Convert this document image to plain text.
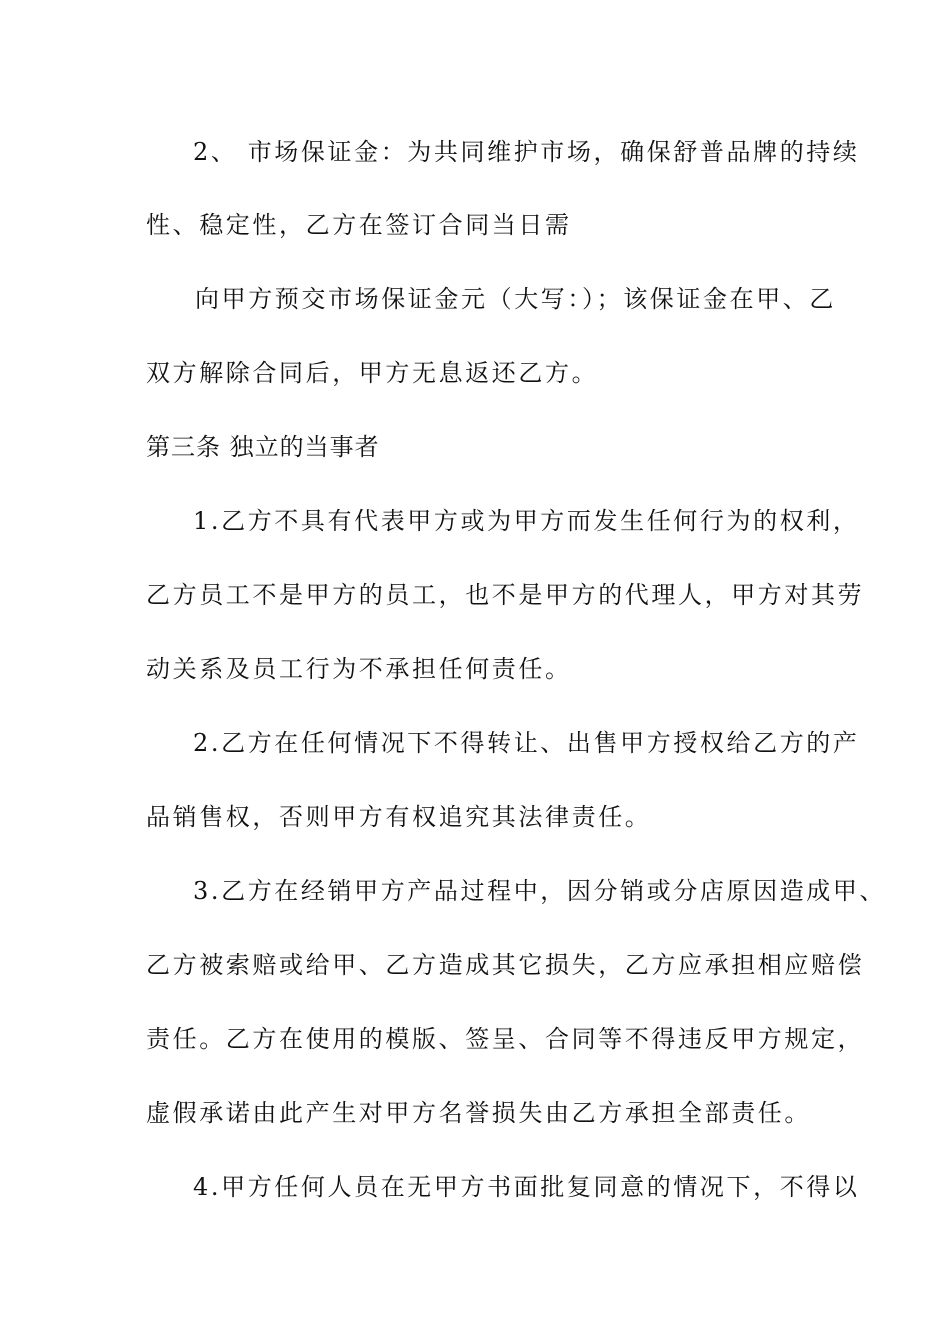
2、 市场保证金：为共同维护市场，确保舒普品牌的持续
性、稳定性，乙方在签订合同当日需
向甲方预交市场保证金元（大写：）；该保证金在甲、乙
双方解除合同后，甲方无息返还乙方。
第三条 独立的当事者
1.乙方不具有代表甲方或为甲方而发生任何行为的权利，
乙方员工不是甲方的员工，也不是甲方的代理人，甲方对其劳
动关系及员工行为不承担任何责任。
2.乙方在任何情况下不得转让、出售甲方授权给乙方的产
品销售权，否则甲方有权追究其法律责任。
3.乙方在经销甲方产品过程中，因分销或分店原因造成甲、
乙方被索赔或给甲、乙方造成其它损失，乙方应承担相应赔偿
责任。乙方在使用的模版、签呈、合同等不得违反甲方规定，
虚假承诺由此产生对甲方名誉损失由乙方承担全部责任。
4.甲方任何人员在无甲方书面批复同意的情况下，不得以
